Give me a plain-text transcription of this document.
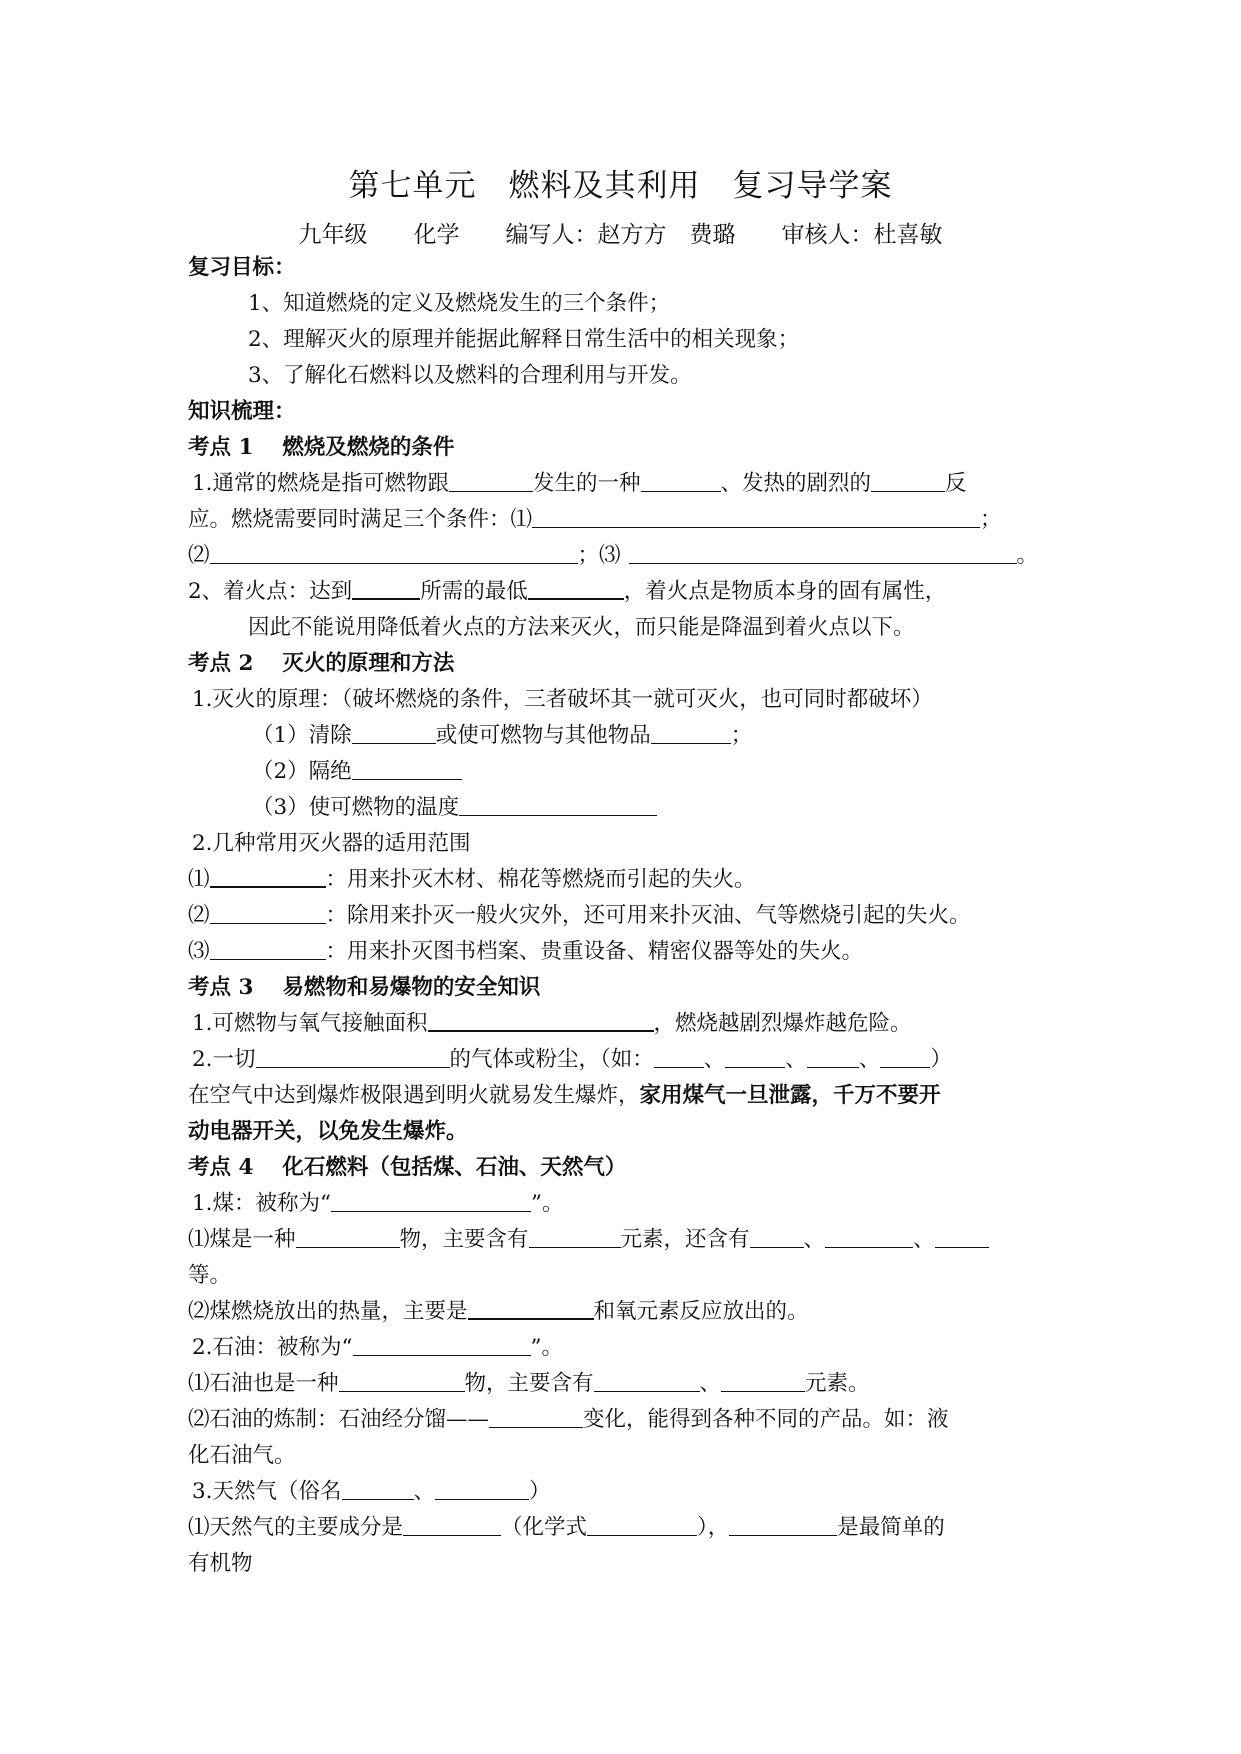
第七单元　燃料及其利用　复习导学案
九年级　　化学　　编写人：赵方方　费璐　　审核人：杜喜敏
复习目标：
1、知道燃烧的定义及燃烧发生的三个条件；
2、理解灭火的原理并能据此解释日常生活中的相关现象；
3、了解化石燃料以及燃料的合理利用与开发。
知识梳理：
考点 1　 燃烧及燃烧的条件
1.通常的燃烧是指可燃物跟	发生的一种	、发热的剧烈的	反
应。燃烧需要同时满足三个条件：⑴	；
⑵	；⑶	。
2、着火点：达到	所需的最低	，着火点是物质本身的固有属性，
因此不能说用降低着火点的方法来灭火，而只能是降温到着火点以下。
考点 2　 灭火的原理和方法
1.灭火的原理：（破坏燃烧的条件，三者破坏其一就可灭火，也可同时都破坏）
（1）清除	或使可燃物与其他物品	；
（2）隔绝
（3）使可燃物的温度
2.几种常用灭火器的适用范围
⑴	：用来扑灭木材、棉花等燃烧而引起的失火。
⑵	：除用来扑灭一般火灾外，还可用来扑灭油、气等燃烧引起的失火。
⑶	：用来扑灭图书档案、贵重设备、精密仪器等处的失火。
考点 3　 易燃物和易爆物的安全知识
1.可燃物与氧气接触面积	，燃烧越剧烈爆炸越危险。
2.一切	的气体或粉尘，（如： 、	、 、 ）
在空气中达到爆炸极限遇到明火就易发生爆炸，家用煤气一旦泄露，千万不要开
动电器开关，以免发生爆炸。
考点 4　 化石燃料（包括煤、石油、天然气）
1.煤：被称为“	”。
⑴煤是一种	物，主要含有	元素，还含有	、	、
等。
⑵煤燃烧放出的热量，主要是	和氧元素反应放出的。
2.石油：被称为“	”。
⑴石油也是一种	物，主要含有	、	元素。
⑵石油的炼制：石油经分馏——	变化，能得到各种不同的产品。如：液
化石油气。
3.天然气（俗名	、	）
⑴天然气的主要成分是	（化学式	），	是最简单的
有机物
